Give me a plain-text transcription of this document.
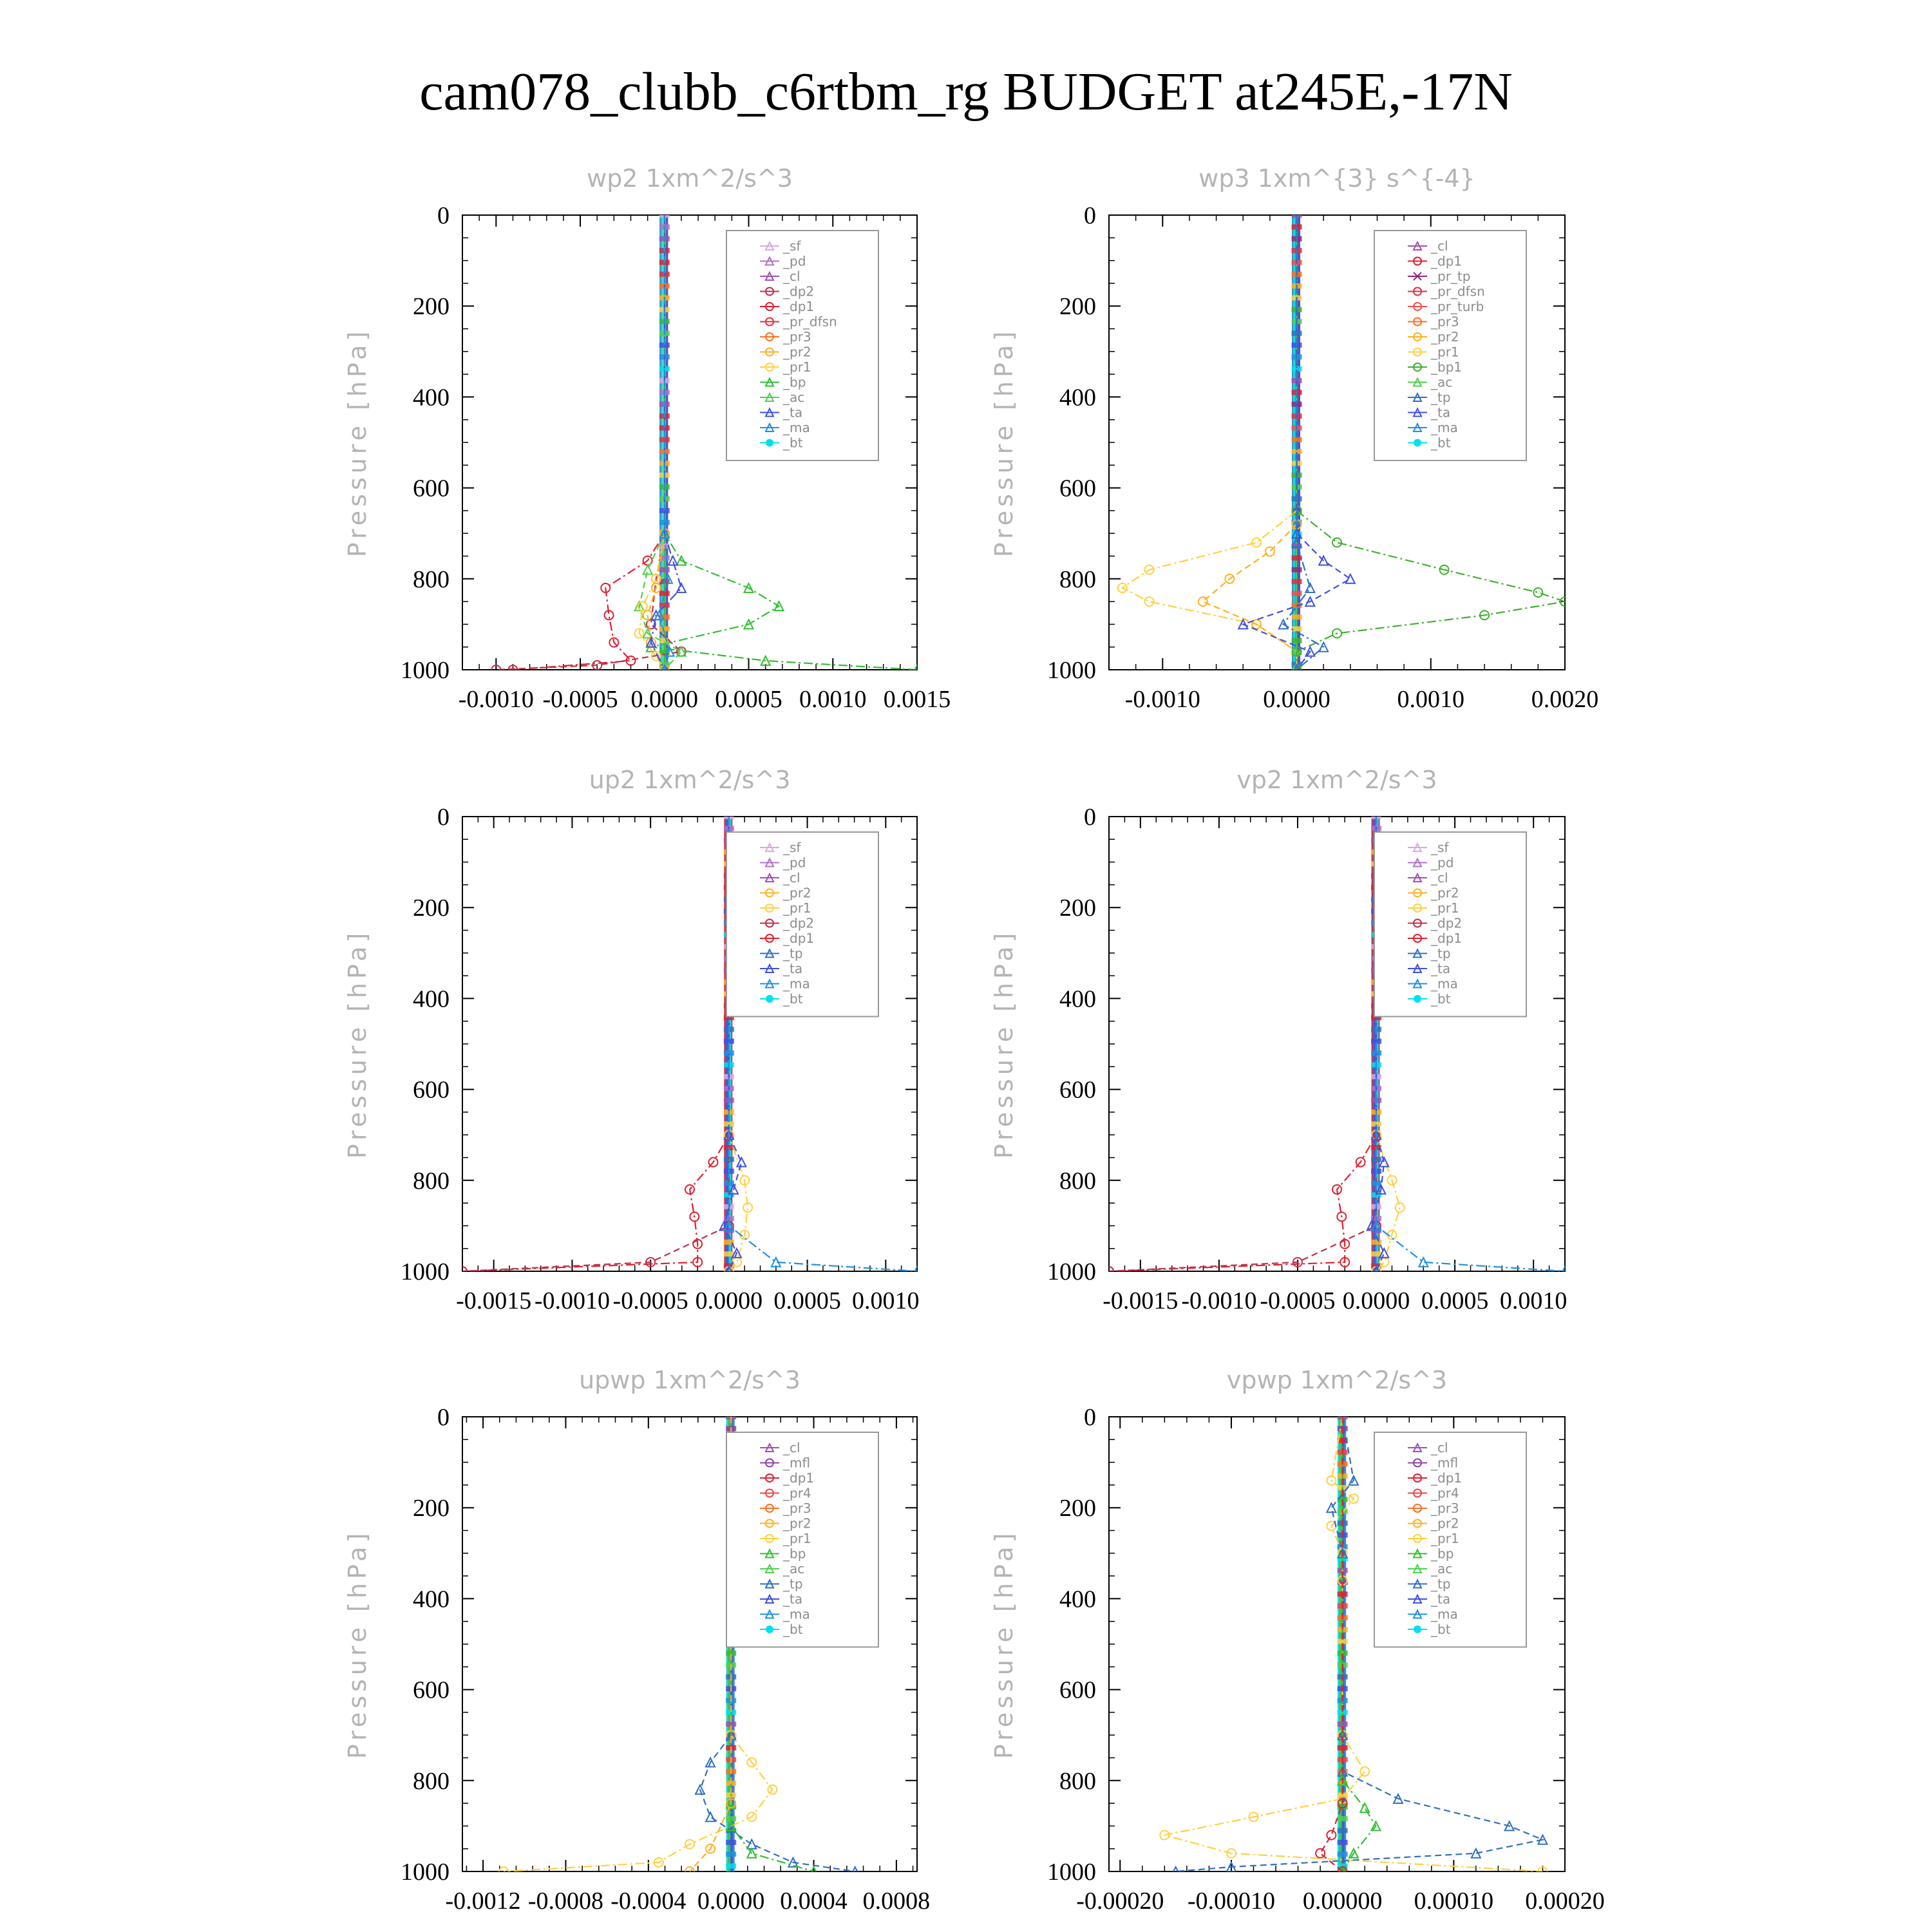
cam078_clubb_c6rtbm_rg BUDGET at245E,-17N
wp2 1xm^2/s^3
Pressure [hPa]
0
200
400
600
800
1000
-0.0010 -0.0005 0.0000 0.0005 0.0010 0.0015
_sf
_pd
_cl
_dp2
_dp1
_pr_dfsn
_pr3
_pr2
_pr1
_bp
_ac
_ta
_ma
_bt
wp3 1xm^{3} s^{-4}
Pressure [hPa]
0
200
400
600
800
1000
-0.0010	0.0000	0.0010	0.0020
_cl
_dp1
_pr_tp
_pr_dfsn
_pr_turb
_pr3
_pr2
_pr1
_bp1
_ac
_tp
_ta
_ma
_bt
up2 1xm^2/s^3
Pressure [hPa]
0
200
400
600
800
1000
-0.0015 -0.0010 -0.0005 0.0000 0.0005 0.0010
_sf
_pd
_cl
_pr2
_pr1
_dp2
_dp1
_tp
_ta
_ma
_bt
vp2 1xm^2/s^3
Pressure [hPa]
0
200
400
600
800
1000
-0.0015 -0.0010 -0.0005 0.0000 0.0005 0.0010
_sf
_pd
_cl
_pr2
_pr1
_dp2
_dp1
_tp
_ta
_ma
_bt
upwp 1xm^2/s^3
Pressure [hPa]
0
200
400
600
800
1000
-0.0012 -0.0008 -0.0004 0.0000 0.0004 0.0008
_cl
_mfl
_dp1
_pr4
_pr3
_pr2
_pr1
_bp
_ac
_tp
_ta
_ma
_bt
vpwp 1xm^2/s^3
Pressure [hPa]
0
200
400
600
800
1000
-0.00020 -0.00010 0.00000 0.00010 0.00020
_cl
_mfl
_dp1
_pr4
_pr3
_pr2
_pr1
_bp
_ac
_tp
_ta
_ma
_bt
